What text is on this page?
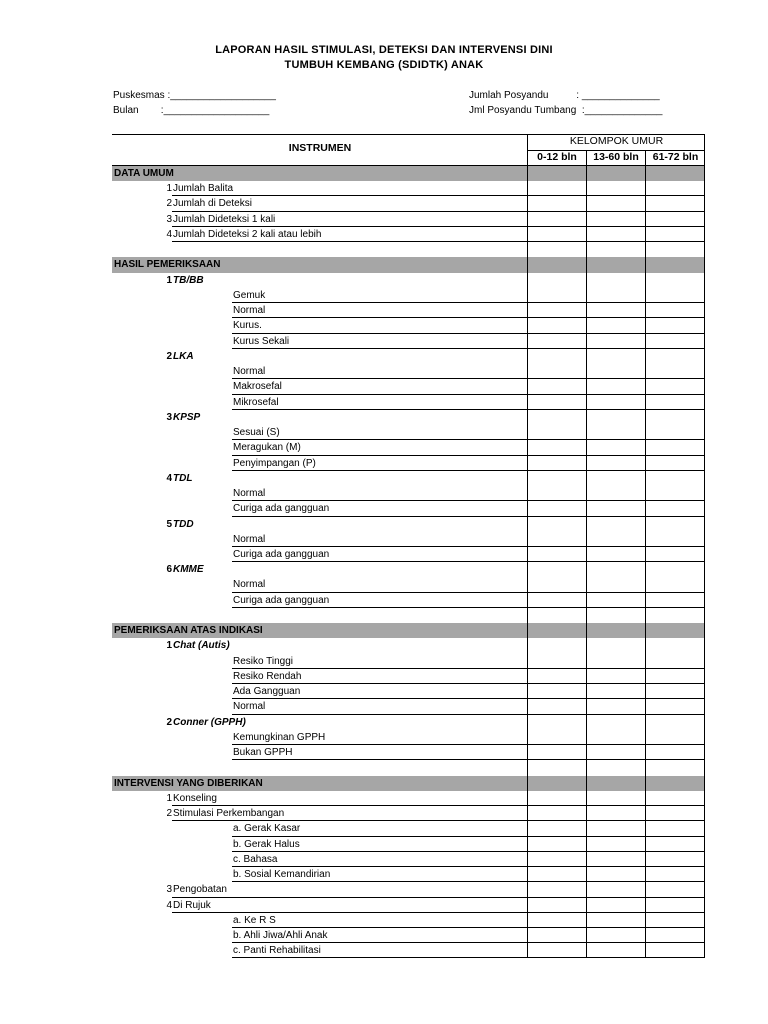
LAPORAN HASIL STIMULASI, DETEKSI DAN INTERVENSI DINI
TUMBUH KEMBANG (SDIDTK) ANAK
Puskesmas :___________________
Bulan        :___________________
Jumlah Posyandu          : ______________
Jml Posyandu Tumbang  :______________
INSTRUMEN
KELOMPOK UMUR
0-12 bln	13-60 bln	61-72 bln
DATA UMUM
1 Jumlah Balita
2 Jumlah di Deteksi
3 Jumlah Dideteksi 1 kali
4 Jumlah Dideteksi 2 kali atau lebih
HASIL PEMERIKSAAN
1 TB/BB
Gemuk
Normal
Kurus.
Kurus Sekali
2 LKA
Normal
Makrosefal
Mikrosefal
3 KPSP
Sesuai (S)
Meragukan (M)
Penyimpangan (P)
4 TDL
Normal
Curiga ada gangguan
5 TDD
Normal
Curiga ada gangguan
6 KMME
Normal
Curiga ada gangguan
PEMERIKSAAN ATAS INDIKASI
1 Chat (Autis)
Resiko Tinggi
Resiko Rendah
Ada Gangguan
Normal
2 Conner (GPPH)
Kemungkinan GPPH
Bukan GPPH
INTERVENSI YANG DIBERIKAN
1 Konseling
2 Stimulasi Perkembangan
a. Gerak Kasar
b. Gerak Halus
c. Bahasa
b. Sosial Kemandirian
3 Pengobatan
4 Di Rujuk
a. Ke R S
b. Ahli Jiwa/Ahli Anak
c. Panti Rehabilitasi
